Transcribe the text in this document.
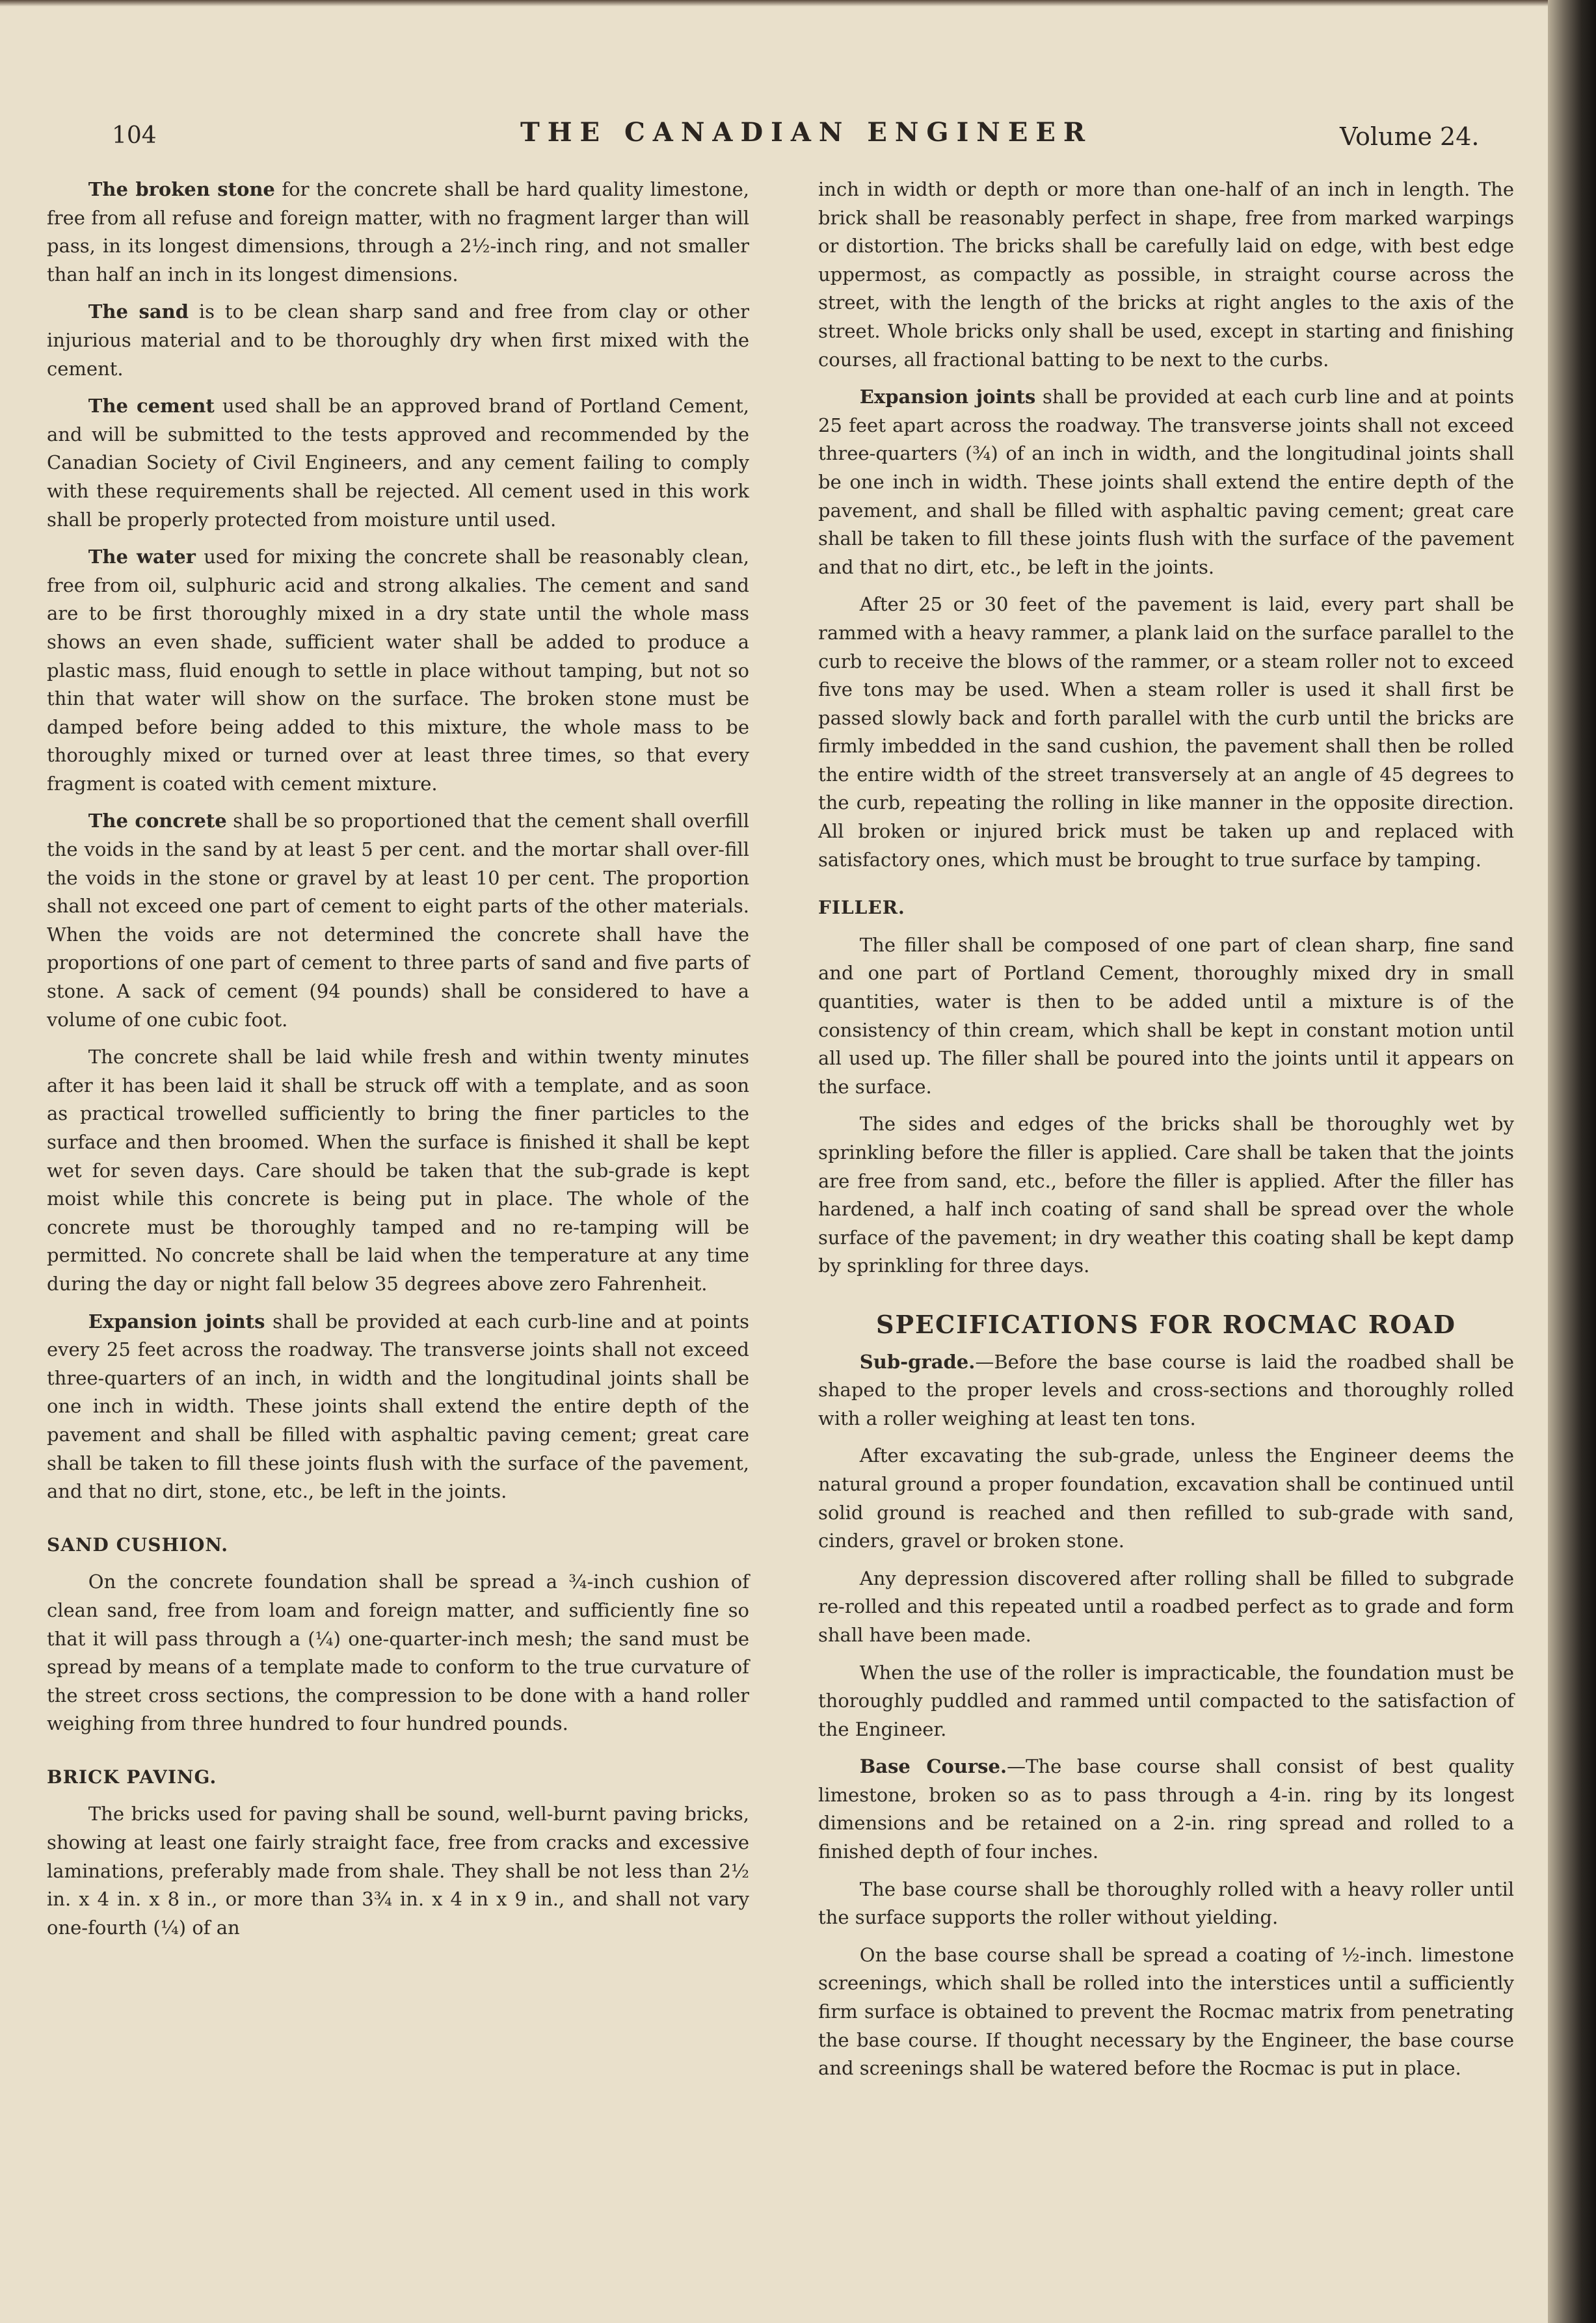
104	THE CANADIAN ENGINEER	Volume 24.

The broken stone for the concrete shall be hard quality limestone, free from all refuse and foreign matter, with no fragment larger than will pass, in its longest dimensions, through a 2½-inch ring, and not smaller than half an inch in its longest dimensions.

The sand is to be clean sharp sand and free from clay or other injurious material and to be thoroughly dry when first mixed with the cement.

The cement used shall be an approved brand of Portland Cement, and will be submitted to the tests approved and recommended by the Canadian Society of Civil Engineers, and any cement failing to comply with these requirements shall be rejected. All cement used in this work shall be properly protected from moisture until used.

The water used for mixing the concrete shall be reasonably clean, free from oil, sulphuric acid and strong alkalies. The cement and sand are to be first thoroughly mixed in a dry state until the whole mass shows an even shade, sufficient water shall be added to produce a plastic mass, fluid enough to settle in place without tamping, but not so thin that water will show on the surface. The broken stone must be damped before being added to this mixture, the whole mass to be thoroughly mixed or turned over at least three times, so that every fragment is coated with cement mixture.

The concrete shall be so proportioned that the cement shall overfill the voids in the sand by at least 5 per cent. and the mortar shall over-fill the voids in the stone or gravel by at least 10 per cent. The proportion shall not exceed one part of cement to eight parts of the other materials. When the voids are not determined the concrete shall have the proportions of one part of cement to three parts of sand and five parts of stone. A sack of cement (94 pounds) shall be considered to have a volume of one cubic foot.

The concrete shall be laid while fresh and within twenty minutes after it has been laid it shall be struck off with a template, and as soon as practical trowelled sufficiently to bring the finer particles to the surface and then broomed. When the surface is finished it shall be kept wet for seven days. Care should be taken that the sub-grade is kept moist while this concrete is being put in place. The whole of the concrete must be thoroughly tamped and no re-tamping will be permitted. No concrete shall be laid when the temperature at any time during the day or night fall below 35 degrees above zero Fahrenheit.

Expansion joints shall be provided at each curb-line and at points every 25 feet across the roadway. The transverse joints shall not exceed three-quarters of an inch, in width and the longitudinal joints shall be one inch in width. These joints shall extend the entire depth of the pavement and shall be filled with asphaltic paving cement; great care shall be taken to fill these joints flush with the surface of the pavement, and that no dirt, stone, etc., be left in the joints.

SAND CUSHION.

On the concrete foundation shall be spread a ¾-inch cushion of clean sand, free from loam and foreign matter, and sufficiently fine so that it will pass through a (¼) one-quarter-inch mesh; the sand must be spread by means of a template made to conform to the true curvature of the street cross sections, the compression to be done with a hand roller weighing from three hundred to four hundred pounds.

BRICK PAVING.

The bricks used for paving shall be sound, well-burnt paving bricks, showing at least one fairly straight face, free from cracks and excessive laminations, preferably made from shale. They shall be not less than 2½ in. x 4 in. x 8 in., or more than 3¾ in. x 4 in x 9 in., and shall not vary one-fourth (¼) of an

inch in width or depth or more than one-half of an inch in length. The brick shall be reasonably perfect in shape, free from marked warpings or distortion. The bricks shall be carefully laid on edge, with best edge uppermost, as compactly as possible, in straight course across the street, with the length of the bricks at right angles to the axis of the street. Whole bricks only shall be used, except in starting and finishing courses, all fractional batting to be next to the curbs.

Expansion joints shall be provided at each curb line and at points 25 feet apart across the roadway. The transverse joints shall not exceed three-quarters (¾) of an inch in width, and the longitudinal joints shall be one inch in width. These joints shall extend the entire depth of the pavement, and shall be filled with asphaltic paving cement; great care shall be taken to fill these joints flush with the surface of the pavement and that no dirt, etc., be left in the joints.

After 25 or 30 feet of the pavement is laid, every part shall be rammed with a heavy rammer, a plank laid on the surface parallel to the curb to receive the blows of the rammer, or a steam roller not to exceed five tons may be used. When a steam roller is used it shall first be passed slowly back and forth parallel with the curb until the bricks are firmly imbedded in the sand cushion, the pavement shall then be rolled the entire width of the street transversely at an angle of 45 degrees to the curb, repeating the rolling in like manner in the opposite direction. All broken or injured brick must be taken up and replaced with satisfactory ones, which must be brought to true surface by tamping.

FILLER.

The filler shall be composed of one part of clean sharp, fine sand and one part of Portland Cement, thoroughly mixed dry in small quantities, water is then to be added until a mixture is of the consistency of thin cream, which shall be kept in constant motion until all used up. The filler shall be poured into the joints until it appears on the surface.

The sides and edges of the bricks shall be thoroughly wet by sprinkling before the filler is applied. Care shall be taken that the joints are free from sand, etc., before the filler is applied. After the filler has hardened, a half inch coating of sand shall be spread over the whole surface of the pavement; in dry weather this coating shall be kept damp by sprinkling for three days.

SPECIFICATIONS FOR ROCMAC ROAD

Sub-grade.—Before the base course is laid the roadbed shall be shaped to the proper levels and cross-sections and thoroughly rolled with a roller weighing at least ten tons.

After excavating the sub-grade, unless the Engineer deems the natural ground a proper foundation, excavation shall be continued until solid ground is reached and then refilled to sub-grade with sand, cinders, gravel or broken stone.

Any depression discovered after rolling shall be filled to subgrade re-rolled and this repeated until a roadbed perfect as to grade and form shall have been made.

When the use of the roller is impracticable, the foundation must be thoroughly puddled and rammed until compacted to the satisfaction of the Engineer.

Base Course.—The base course shall consist of best quality limestone, broken so as to pass through a 4-in. ring by its longest dimensions and be retained on a 2-in. ring spread and rolled to a finished depth of four inches.

The base course shall be thoroughly rolled with a heavy roller until the surface supports the roller without yielding.

On the base course shall be spread a coating of ½-inch. limestone screenings, which shall be rolled into the interstices until a sufficiently firm surface is obtained to prevent the Rocmac matrix from penetrating the base course. If thought necessary by the Engineer, the base course and screenings shall be watered before the Rocmac is put in place.
